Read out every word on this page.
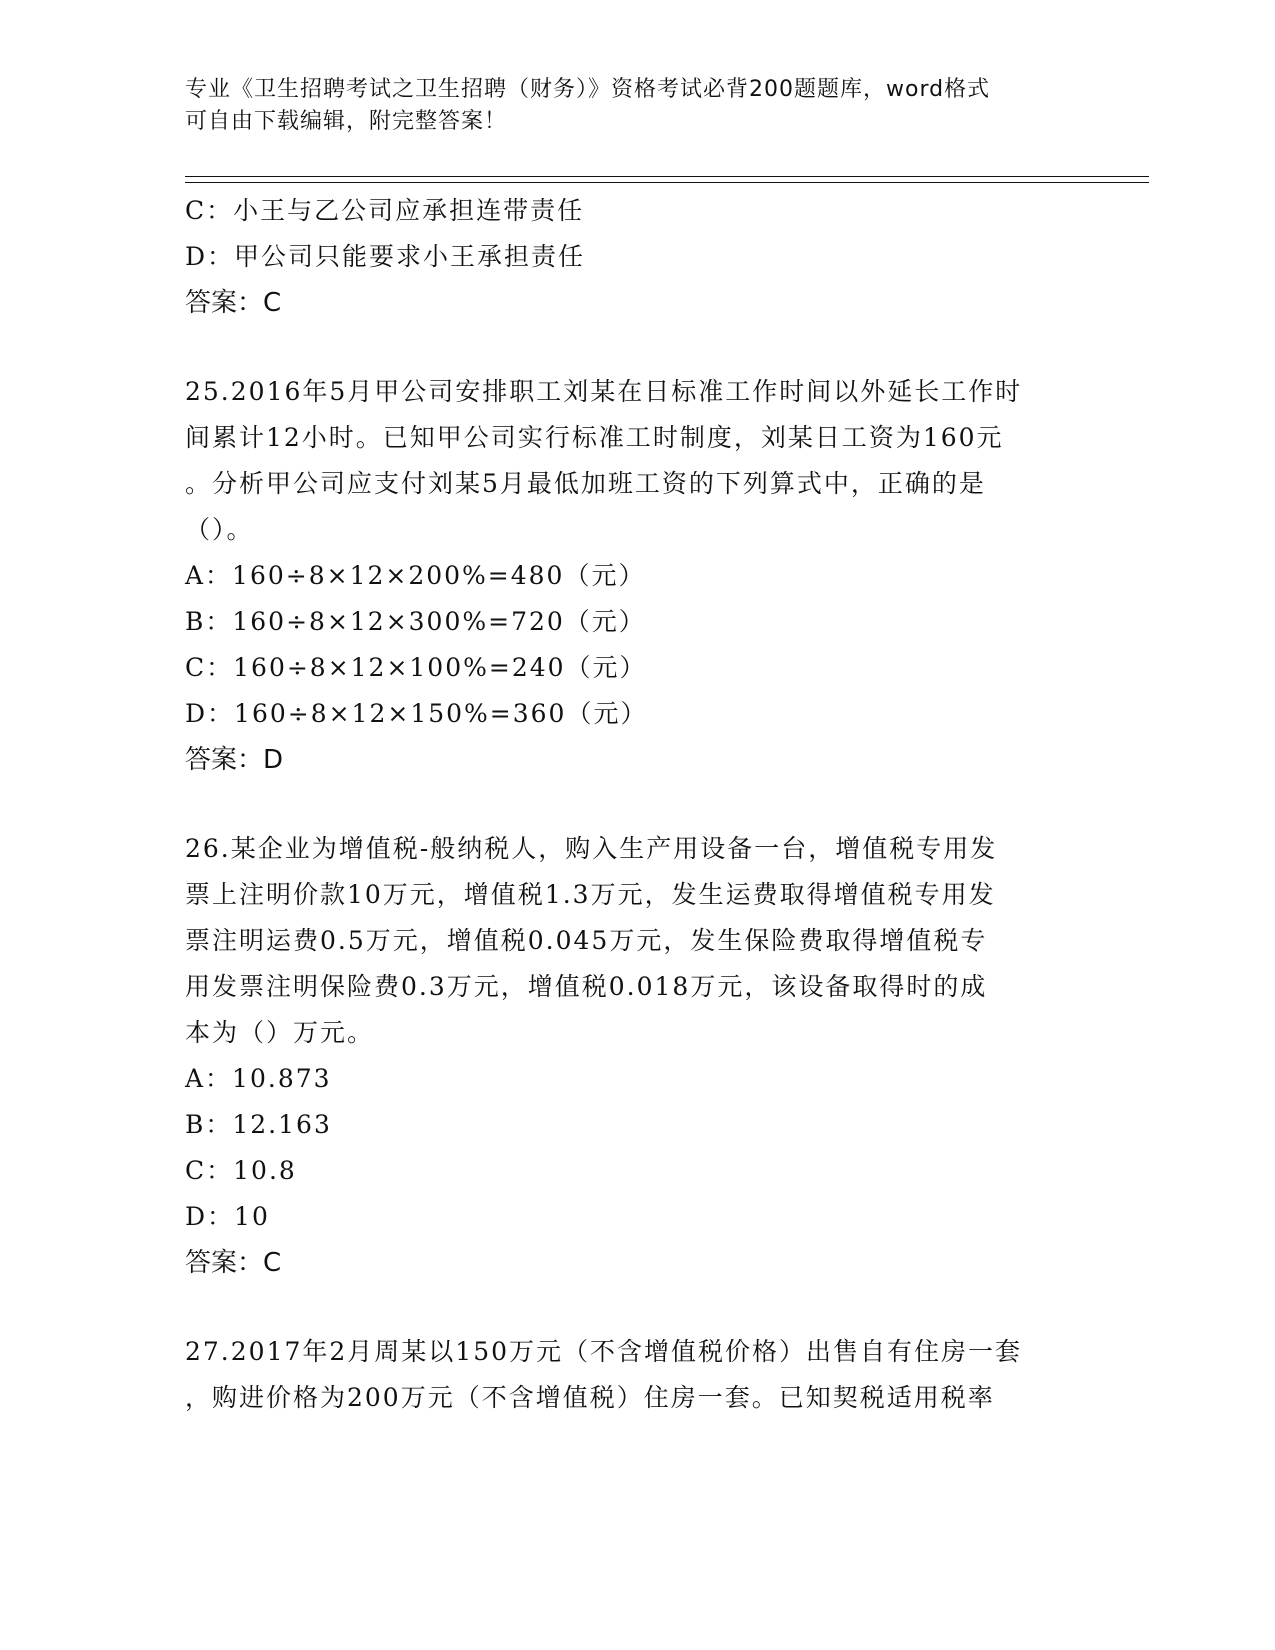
专业《卫生招聘考试之卫生招聘（财务）》资格考试必背200题题库，word格式
可自由下载编辑，附完整答案！
C：小王与乙公司应承担连带责任
D：甲公司只能要求小王承担责任
答案：C
25.2016年5月甲公司安排职工刘某在日标准工作时间以外延长工作时
间累计12小时。已知甲公司实行标准工时制度，刘某日工资为160元
。分析甲公司应支付刘某5月最低加班工资的下列算式中，正确的是
（）。
A：160÷8×12×200%=480（元）
B：160÷8×12×300%=720（元）
C：160÷8×12×100%=240（元）
D：160÷8×12×150%=360（元）
答案：D
26.某企业为增值税-般纳税人，购入生产用设备一台，增值税专用发
票上注明价款10万元，增值税1.3万元，发生运费取得增值税专用发
票注明运费0.5万元，增值税0.045万元，发生保险费取得增值税专
用发票注明保险费0.3万元，增值税0.018万元，该设备取得时的成
本为（）万元。
A：10.873
B：12.163
C：10.8
D：10
答案：C
27.2017年2月周某以150万元（不含增值税价格）出售自有住房一套
，购进价格为200万元（不含增值税）住房一套。已知契税适用税率
